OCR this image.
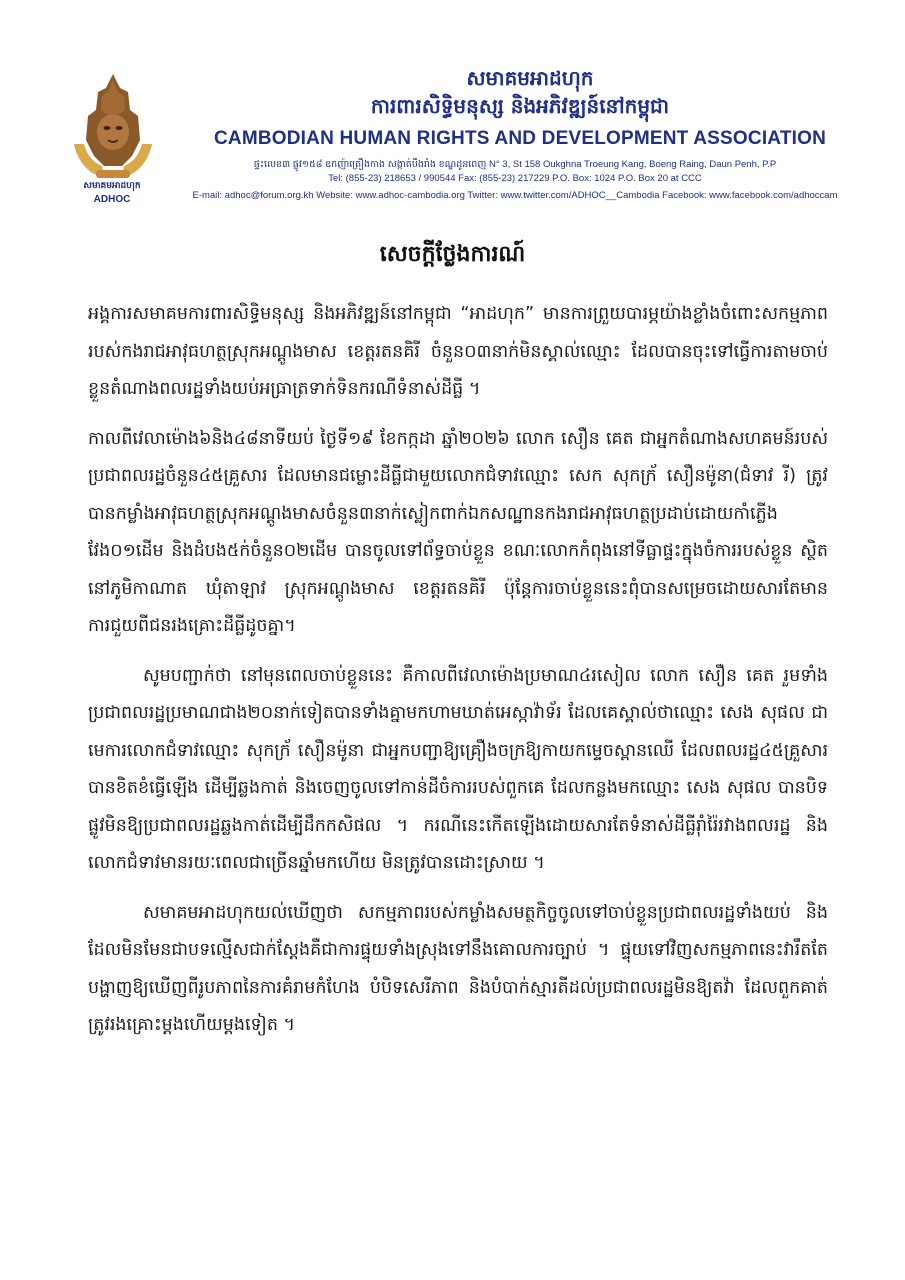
សមាគមអាដហុក
ADHOC
សមាគមអាដហុក
ការពារសិទ្ធិមនុស្ស និងអភិវឌ្ឍន៍នៅកម្ពុជា
CAMBODIAN HUMAN RIGHTS AND DEVELOPMENT ASSOCIATION
ផ្ទះលេខ៣ ផ្លូវ១៥៨ ឧកញ៉ាត្រឿងកាង សង្កាត់បឹងរាំង ខណ្ឌដូនពេញ N° 3, St 158 Oukghna Troeung Kang, Boeng Raing, Daun Penh, P.P
Tel: (855-23) 218653 / 990544 Fax: (855-23) 217229 P.O. Box: 1024 P.O. Box 20 at CCC
E-mail: adhoc@forum.org.kh Website: www.adhoc-cambodia.org Twitter: www.twitter.com/ADHOC__Cambodia Facebook: www.facebook.com/adhoccam
សេចក្ដីថ្លែងការណ៍

អង្គការសមាគមការពារសិទ្ធិមនុស្ស និងអភិវឌ្ឍន៍នៅកម្ពុជា “អាដហុក” មានការព្រួយបារម្ភយ៉ាងខ្លាំងចំពោះសកម្មភាពរបស់កងរាជអាវុធហត្ថស្រុកអណ្ដូងមាស ខេត្តរតនគិរី ចំនួន០៣នាក់មិនស្គាល់ឈ្មោះ ដែលបានចុះទៅធ្វើការតាមចាប់ខ្លួនតំណាងពលរដ្ឋទាំងយប់អធ្រាត្រទាក់ទិនករណីទំនាស់ដីធ្លី ។

កាលពីវេលាម៉ោង៦និង៤៨នាទីយប់ ថ្ងៃទី១៩ ខែកក្កដា ឆ្នាំ២០២៦ លោក សឿន គេត ជាអ្នកតំណាងសហគមន៍របស់ប្រជាពលរដ្ឋចំនួន៤៥គ្រួសារ ដែលមានជម្លោះដីធ្លីជាមួយលោកជំទាវឈ្មោះ សេក សុកក្រ័ សឿនម៉ូនា(ជំទាវ រី) ត្រូវបានកម្លាំងអាវុធហត្ថស្រុកអណ្ដូងមាសចំនួន៣នាក់ស្លៀកពាក់ឯកសណ្ឋានកងរាជអាវុធហត្ថប្រដាប់ដោយកាំភ្លើងវែង០១ដើម និងដំបង៥ក់ចំនួន០២ដើម បានចូលទៅព័ទ្ធចាប់ខ្លួន ខណៈលោកកំពុងនៅទីធ្លាផ្ទះក្នុងចំការរបស់ខ្លួន ស្ថិតនៅភូមិកាណាត ឃុំតាឡាវ ស្រុកអណ្ដូងមាស ខេត្តរតនគិរី ប៉ុន្តែការចាប់ខ្លួននេះពុំបានសម្រេចដោយសារតែមានការជួយពីជនរងគ្រោះដីធ្លីដូចគ្នា។

សូមបញ្ជាក់ថា នៅមុនពេលចាប់ខ្លួននេះ គឺកាលពីវេលាម៉ោងប្រមាណ៤រសៀល លោក សឿន គេត រួមទាំងប្រជាពលរដ្ឋប្រមាណជាង២០នាក់ទៀតបានទាំងគ្នាមកហាមឃាត់អេស្កាវ៉ាទ័រ ដែលគេស្គាល់ថាឈ្មោះ សេង សុផល ជាមេការលោកជំទាវឈ្មោះ សុកក្រ័ សឿនម៉ូនា ជាអ្នកបញ្ជាឱ្យគ្រឿងចក្រឱ្យកាយកម្ទេចស្ពានឈើ ដែលពលរដ្ឋ៤៥គ្រួសារបានខិតខំធ្វើឡើង ដើម្បីឆ្លងកាត់ និងចេញចូលទៅកាន់ដីចំការរបស់ពួកគេ ដែលកន្លងមកឈ្មោះ សេង សុផល បានបិទផ្លូវមិនឱ្យប្រជាពលរដ្ឋឆ្លងកាត់ដើម្បីដឹកកសិផល ។ ករណីនេះកើតឡើងដោយសារតែទំនាស់ដីធ្លីរ៉ាំរ៉ៃរវាងពលរដ្ឋ និងលោកជំទាវមានរយៈពេលជាច្រើនឆ្នាំមកហើយ មិនត្រូវបានដោះស្រាយ ។

សមាគមអាដហុកយល់ឃើញថា សកម្មភាពរបស់កម្លាំងសមត្ថកិច្ចចូលទៅចាប់ខ្លួនប្រជាពលរដ្ឋទាំងយប់ និងដែលមិនមែនជាបទល្មើសជាក់ស្ដែងគឺជាការផ្ទុយទាំងស្រុងទៅនឹងគោលការច្បាប់ ។ ផ្ទុយទៅវិញសកម្មភាពនេះវារឹតតែបង្ហាញឱ្យឃើញពីរូបភាពនៃការគំរាមកំហែង បំបិទសេរីភាព និងបំបាក់ស្មារតីដល់ប្រជាពលរដ្ឋមិនឱ្យតវ៉ា ដែលពួកគាត់ត្រូវរងគ្រោះម្ដងហើយម្ដងទៀត ។
